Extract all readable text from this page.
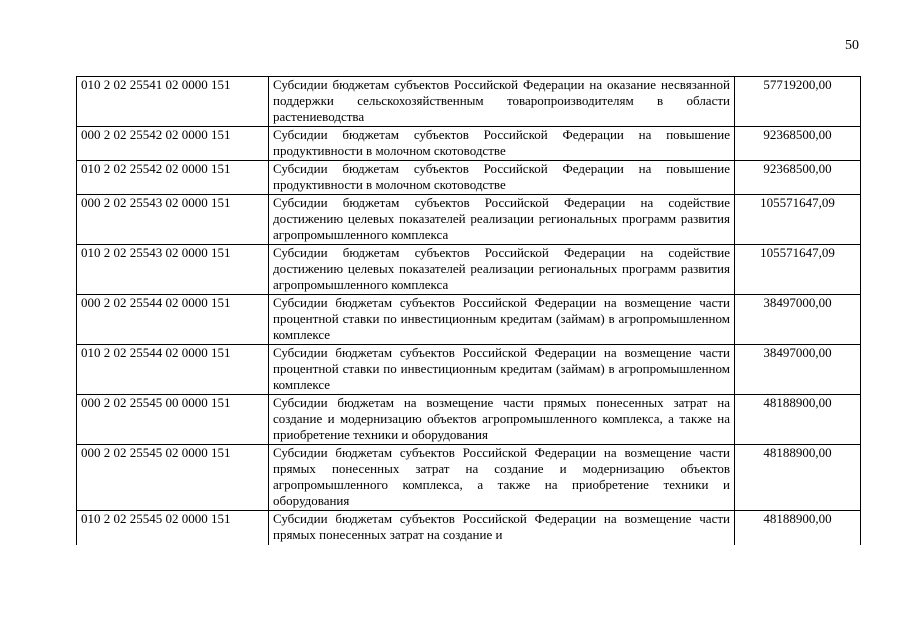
50
010 2 02 25541 02 0000 151	Субсидии бюджетам субъектов Российской Федерации на оказание несвязанной поддержки сельскохозяйственным товаропроизводителям в области растениеводства	57719200,00
000 2 02 25542 02 0000 151	Субсидии бюджетам субъектов Российской Федерации на повышение продуктивности в молочном скотоводстве	92368500,00
010 2 02 25542 02 0000 151	Субсидии бюджетам субъектов Российской Федерации на повышение продуктивности в молочном скотоводстве	92368500,00
000 2 02 25543 02 0000 151	Субсидии бюджетам субъектов Российской Федерации на содействие достижению целевых показателей реализации региональных программ развития агропромышленного комплекса	105571647,09
010 2 02 25543 02 0000 151	Субсидии бюджетам субъектов Российской Федерации на содействие достижению целевых показателей реализации региональных программ развития агропромышленного комплекса	105571647,09
000 2 02 25544 02 0000 151	Субсидии бюджетам субъектов Российской Федерации на возмещение части процентной ставки по инвестиционным кредитам (займам) в агропромышленном комплексе	38497000,00
010 2 02 25544 02 0000 151	Субсидии бюджетам субъектов Российской Федерации на возмещение части процентной ставки по инвестиционным кредитам (займам) в агропромышленном комплексе	38497000,00
000 2 02 25545 00 0000 151	Субсидии бюджетам на возмещение части прямых понесенных затрат на создание и модернизацию объектов агропромышленного комплекса, а также на приобретение техники и оборудования	48188900,00
000 2 02 25545 02 0000 151	Субсидии бюджетам субъектов Российской Федерации на возмещение части прямых понесенных затрат на создание и модернизацию объектов агропромышленного комплекса, а также на приобретение техники и оборудования	48188900,00
010 2 02 25545 02 0000 151	Субсидии бюджетам субъектов Российской Федерации на возмещение части прямых понесенных затрат на создание и	48188900,00
